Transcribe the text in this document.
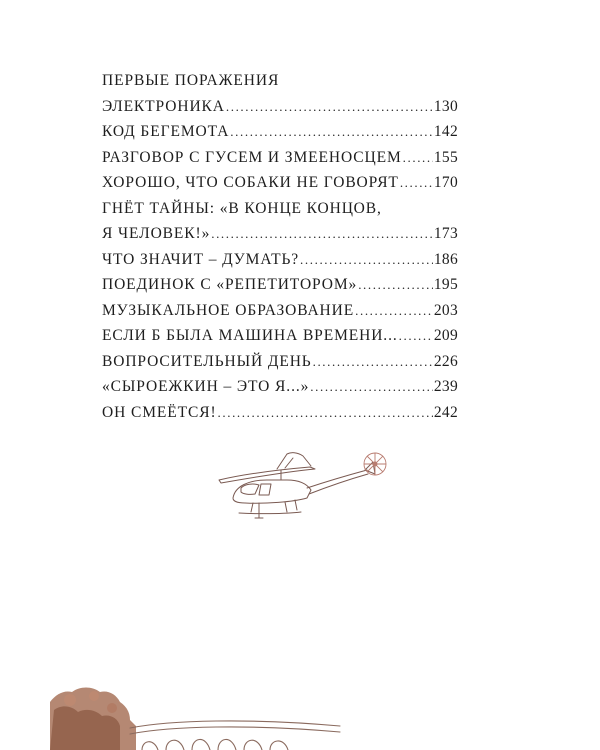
ПЕРВЫЕ ПОРАЖЕНИЯ
ЭЛЕКТРОНИКА .....	130
КОД БЕГЕМОТА .....	142
РАЗГОВОР С ГУСЕМ И ЗМЕЕНОСЦЕМ ..... 155
ХОРОШО, ЧТО СОБАКИ НЕ ГОВОРЯТ ..... 170
ГНЁТ ТАЙНЫ: «В КОНЦЕ КОНЦОВ,
Я ЧЕЛОВЕК!» .....	173
ЧТО ЗНАЧИТ – ДУМАТЬ? .....	186
ПОЕДИНОК С «РЕПЕТИТОРОМ» .....	195
МУЗЫКАЛЬНОЕ ОБРАЗОВАНИЕ .....	203
ЕСЛИ Б БЫЛА МАШИНА ВРЕМЕНИ... ..... 209
ВОПРОСИТЕЛЬНЫЙ ДЕНЬ .....	226
«СЫРОЕЖКИН – ЭТО Я...» .....	239
ОН СМЕЁТСЯ! .....	242
